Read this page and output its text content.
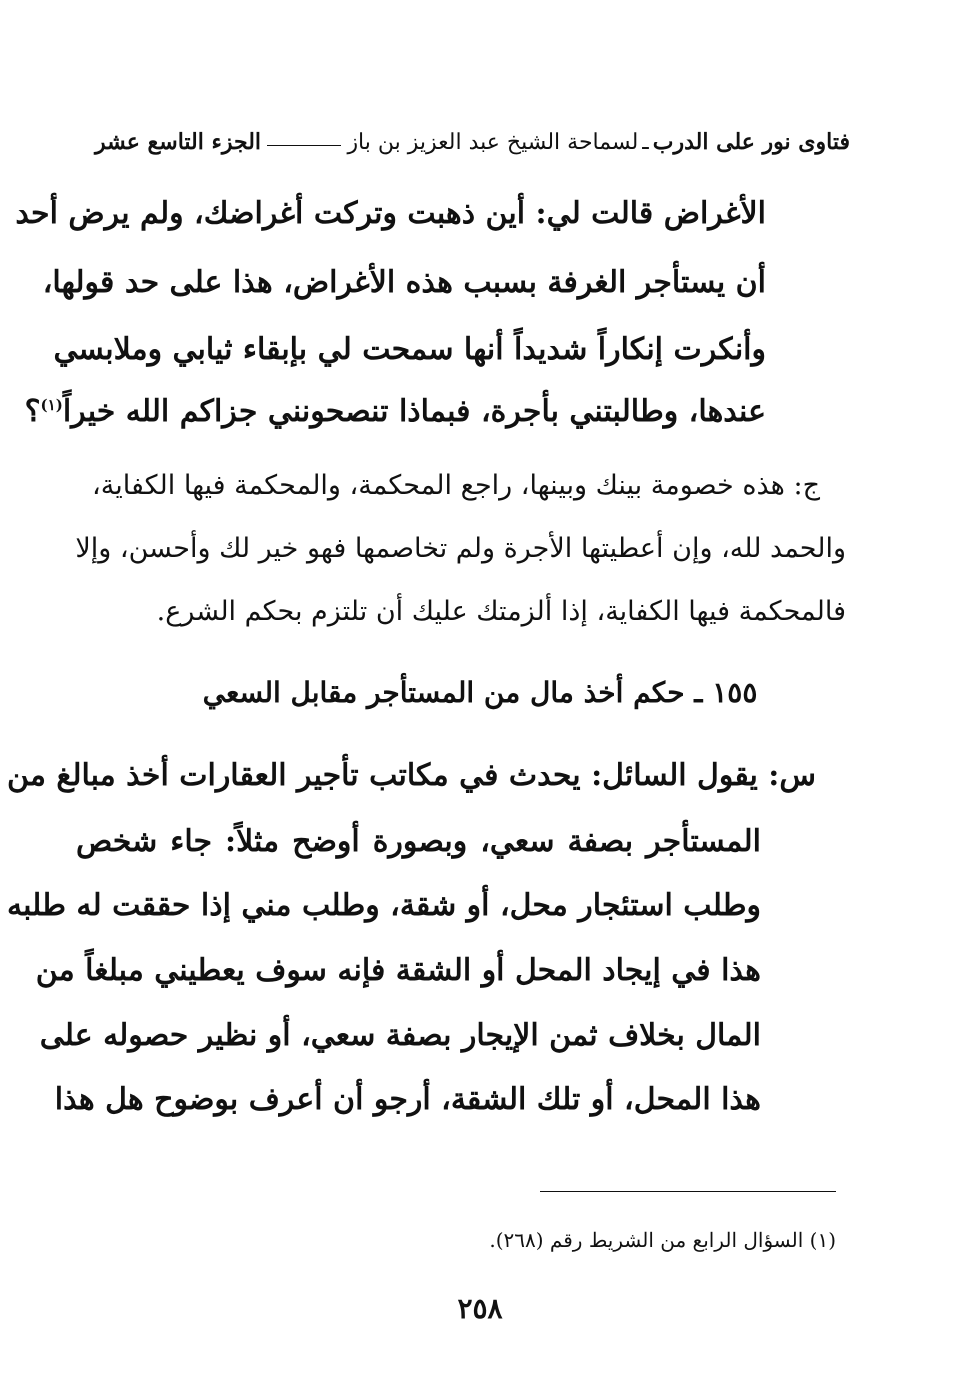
فتاوى نور على الدرب
ـ
لسماحة الشيخ عبد العزيز بن باز
الجزء التاسع عشر
الأغراض قالت لي: أين ذهبت وتركت أغراضك، ولم يرض أحد
أن يستأجر الغرفة بسبب هذه الأغراض، هذا على حد قولها،
وأنكرت إنكاراً شديداً أنها سمحت لي بإبقاء ثيابي وملابسي
عندها، وطالبتني بأجرة، فبماذا تنصحونني جزاكم الله خيراً$^{(١)}$؟
ج: هذه خصومة بينك وبينها، راجع المحكمة، والمحكمة فيها الكفاية،
والحمد لله، وإن أعطيتها الأجرة ولم تخاصمها فهو خير لك وأحسن، وإلا
فالمحكمة فيها الكفاية، إذا ألزمتك عليك أن تلتزم بحكم الشرع.
١٥٥ ـ حكم أخذ مال من المستأجر مقابل السعي
س: يقول السائل: يحدث في مكاتب تأجير العقارات أخذ مبالغ من
المستأجر بصفة سعي، وبصورة أوضح مثلاً: جاء شخص
وطلب استئجار محل، أو شقة، وطلب مني إذا حققت له طلبه
هذا في إيجاد المحل أو الشقة فإنه سوف يعطيني مبلغاً من
المال بخلاف ثمن الإيجار بصفة سعي، أو نظير حصوله على
هذا المحل، أو تلك الشقة، أرجو أن أعرف بوضوح هل هذا
(١) السؤال الرابع من الشريط رقم (٢٦٨).
٢٥٨
